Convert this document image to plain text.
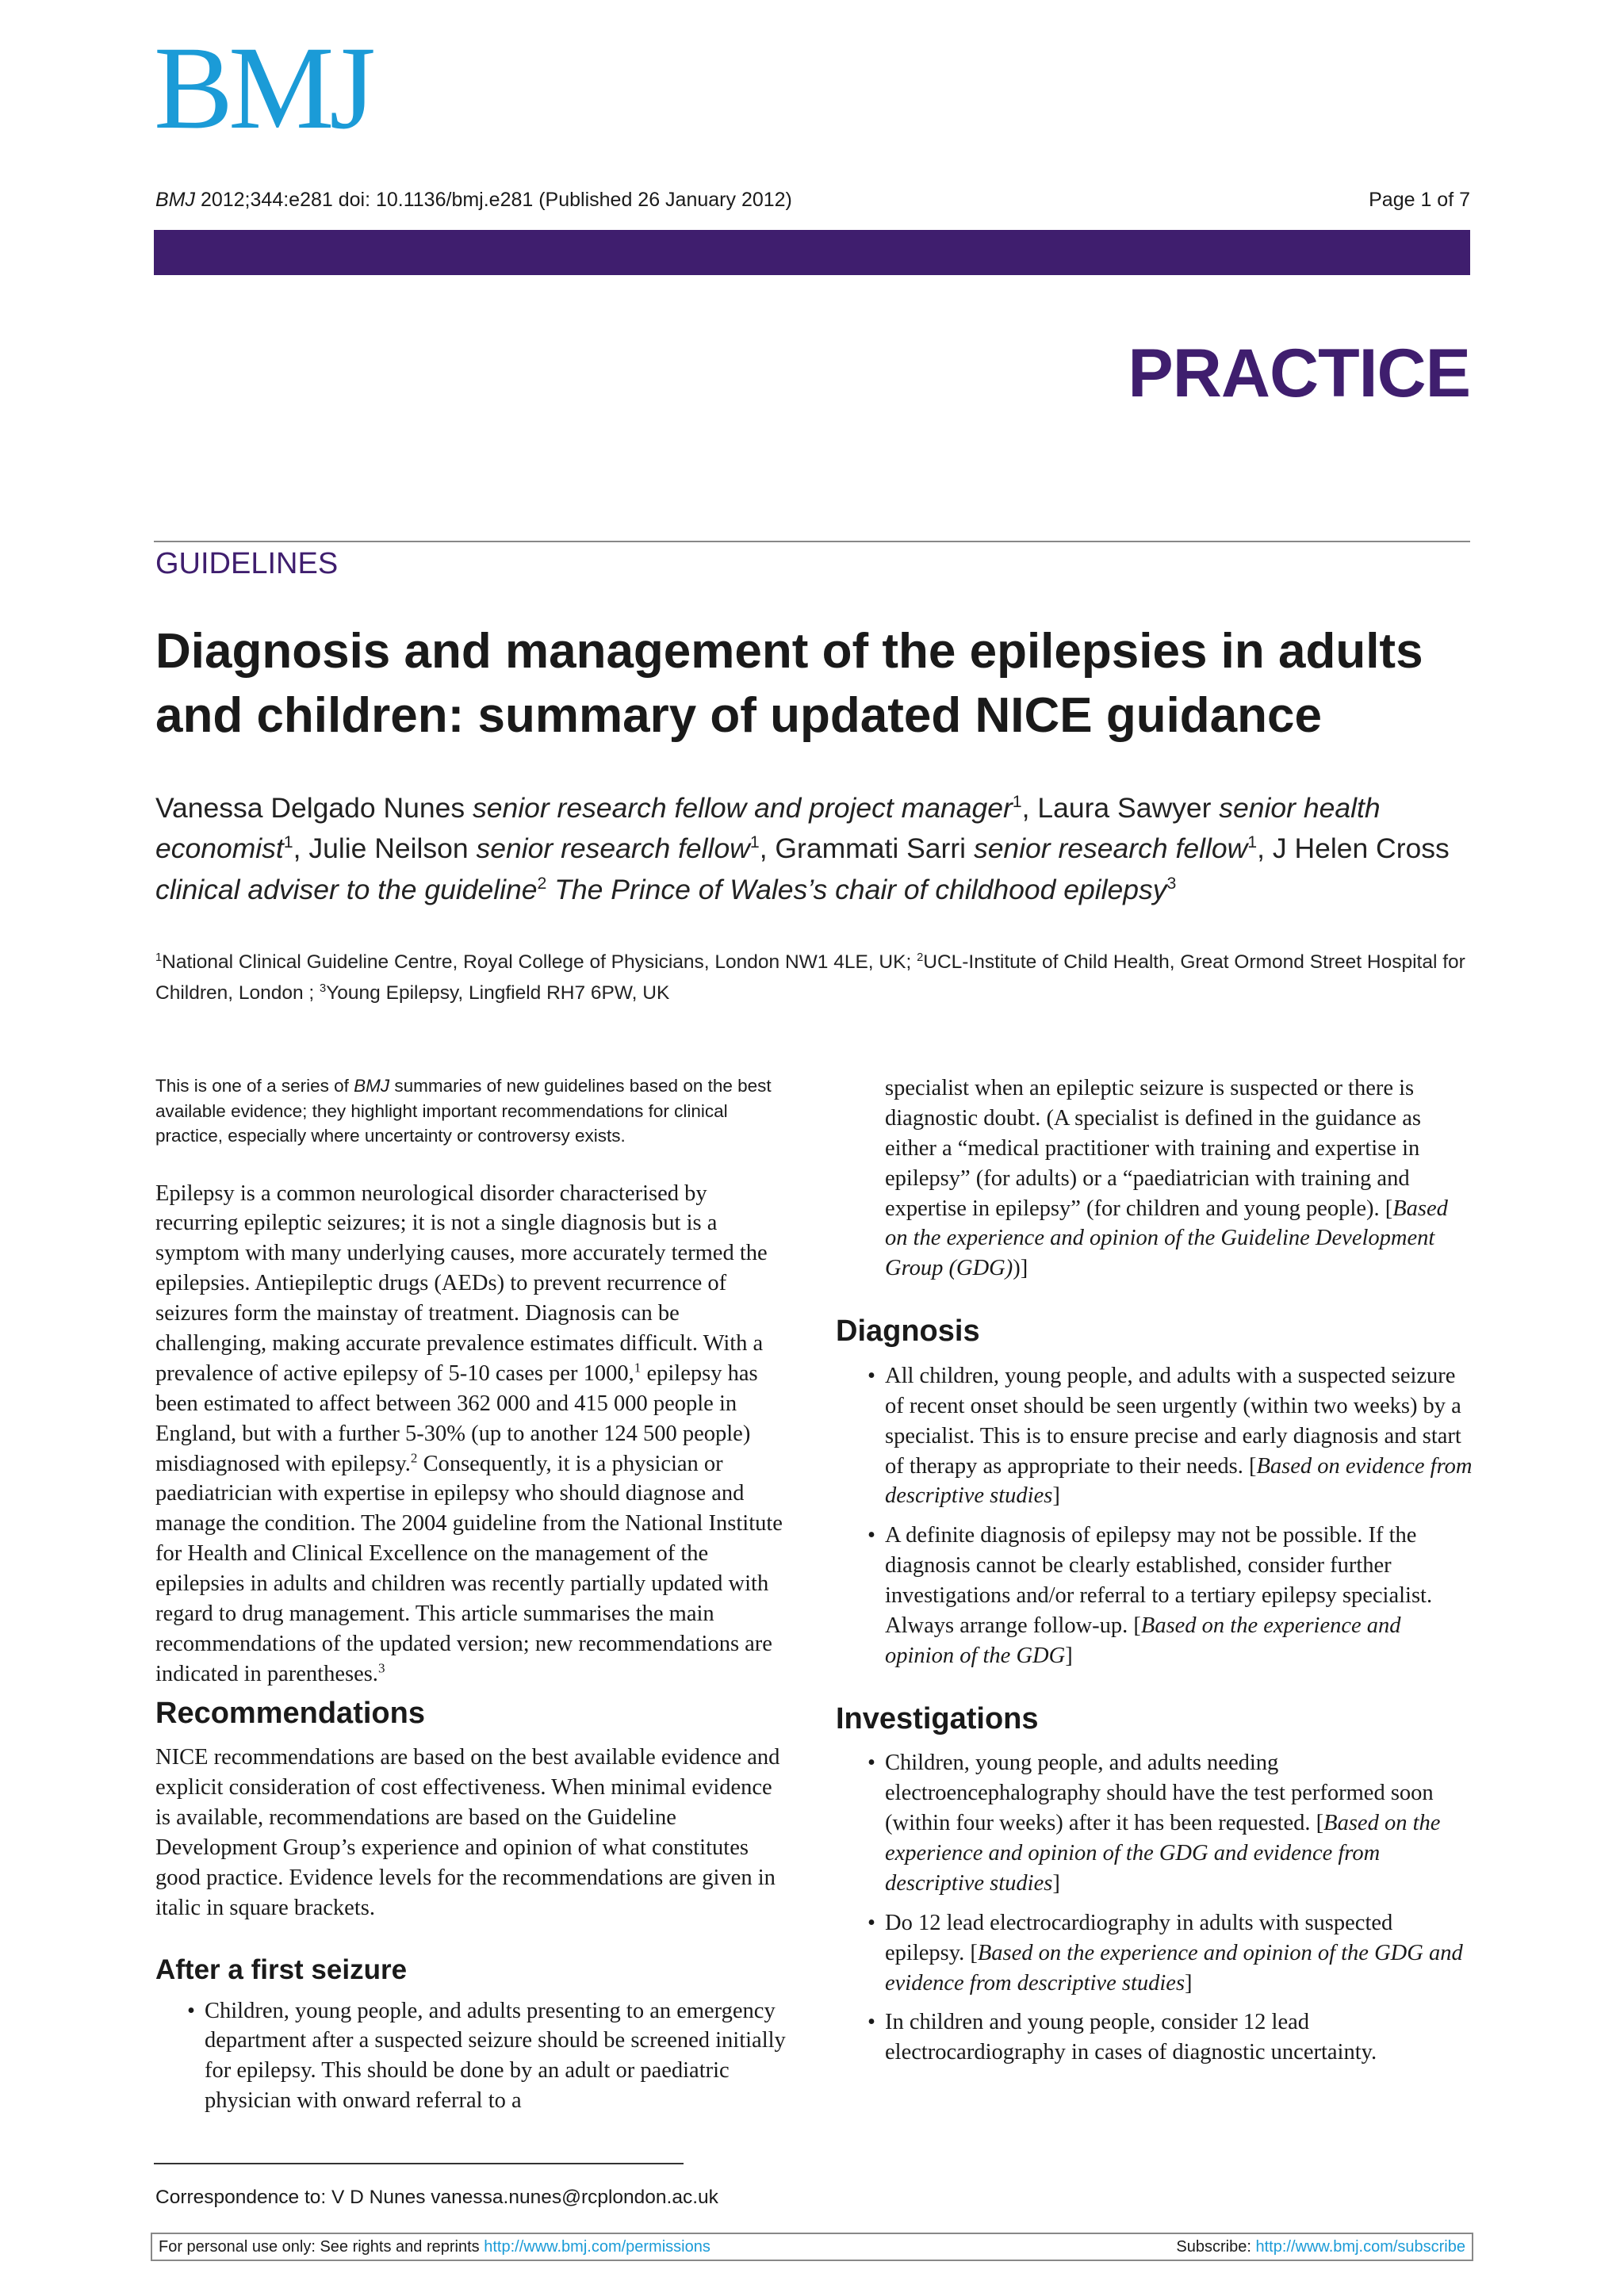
BMJ
BMJ 2012;344:e281 doi: 10.1136/bmj.e281 (Published 26 January 2012)	Page 1 of 7
PRACTICE
GUIDELINES
Diagnosis and management of the epilepsies in adults and children: summary of updated NICE guidance
Vanessa Delgado Nunes senior research fellow and project manager$^1$, Laura Sawyer senior health economist$^1$, Julie Neilson senior research fellow$^1$, Grammati Sarri senior research fellow$^1$, J Helen Cross clinical adviser to the guideline$^2$ The Prince of Wales’s chair of childhood epilepsy$^3$
$^1$National Clinical Guideline Centre, Royal College of Physicians, London NW1 4LE, UK; $^2$UCL-Institute of Child Health, Great Ormond Street Hospital for Children, London ; $^3$Young Epilepsy, Lingfield RH7 6PW, UK

This is one of a series of BMJ summaries of new guidelines based on the best available evidence; they highlight important recommendations for clinical practice, especially where uncertainty or controversy exists.

Epilepsy is a common neurological disorder characterised by recurring epileptic seizures; it is not a single diagnosis but is a symptom with many underlying causes, more accurately termed the epilepsies. Antiepileptic drugs (AEDs) to prevent recurrence of seizures form the mainstay of treatment. Diagnosis can be challenging, making accurate prevalence estimates difficult. With a prevalence of active epilepsy of 5-10 cases per 1000,$^1$ epilepsy has been estimated to affect between 362 000 and 415 000 people in England, but with a further 5-30% (up to another 124 500 people) misdiagnosed with epilepsy.$^2$ Consequently, it is a physician or paediatrician with expertise in epilepsy who should diagnose and manage the condition. The 2004 guideline from the National Institute for Health and Clinical Excellence on the management of the epilepsies in adults and children was recently partially updated with regard to drug management. This article summarises the main recommendations of the updated version; new recommendations are indicated in parentheses.$^3$

Recommendations

NICE recommendations are based on the best available evidence and explicit consideration of cost effectiveness. When minimal evidence is available, recommendations are based on the Guideline Development Group’s experience and opinion of what constitutes good practice. Evidence levels for the recommendations are given in italic in square brackets.

After a first seizure
• Children, young people, and adults presenting to an emergency department after a suspected seizure should be screened initially for epilepsy. This should be done by an adult or paediatric physician with onward referral to a

specialist when an epileptic seizure is suspected or there is diagnostic doubt. (A specialist is defined in the guidance as either a “medical practitioner with training and expertise in epilepsy” (for adults) or a “paediatrician with training and expertise in epilepsy” (for children and young people). [Based on the experience and opinion of the Guideline Development Group (GDG))]

Diagnosis
• All children, young people, and adults with a suspected seizure of recent onset should be seen urgently (within two weeks) by a specialist. This is to ensure precise and early diagnosis and start of therapy as appropriate to their needs. [Based on evidence from descriptive studies]
• A definite diagnosis of epilepsy may not be possible. If the diagnosis cannot be clearly established, consider further investigations and/or referral to a tertiary epilepsy specialist. Always arrange follow-up. [Based on the experience and opinion of the GDG]
Investigations
• Children, young people, and adults needing electroencephalography should have the test performed soon (within four weeks) after it has been requested. [Based on the experience and opinion of the GDG and evidence from descriptive studies]
• Do 12 lead electrocardiography in adults with suspected epilepsy. [Based on the experience and opinion of the GDG and evidence from descriptive studies]
• In children and young people, consider 12 lead electrocardiography in cases of diagnostic uncertainty.
Correspondence to: V D Nunes vanessa.nunes@rcplondon.ac.uk
For personal use only: See rights and reprints http://www.bmj.com/permissions	Subscribe: http://www.bmj.com/subscribe
